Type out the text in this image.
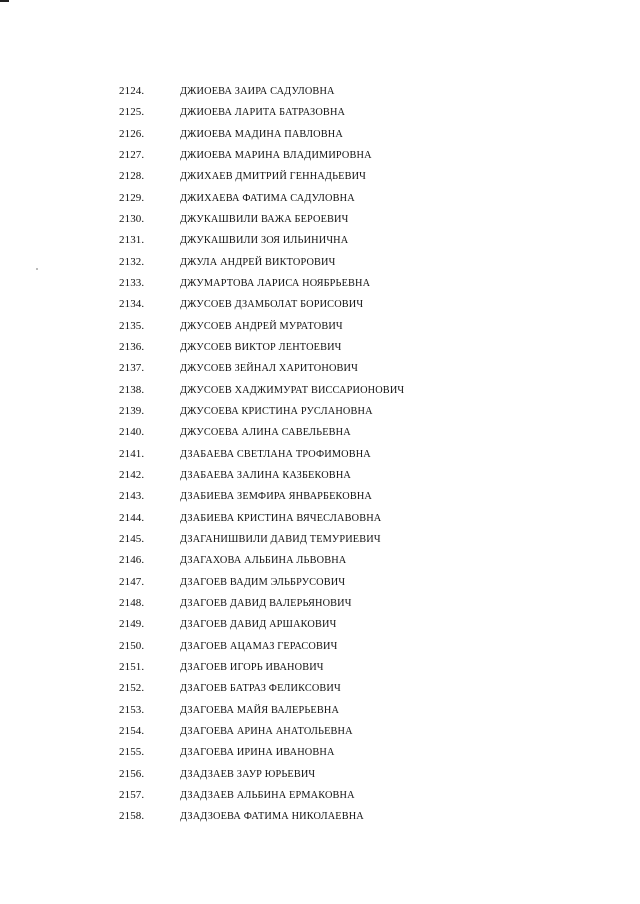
2124.	ДЖИОЕВА ЗАИРА САДУЛОВНА
2125.	ДЖИОЕВА ЛАРИТА БАТРАЗОВНА
2126.	ДЖИОЕВА МАДИНА ПАВЛОВНА
2127.	ДЖИОЕВА МАРИНА ВЛАДИМИРОВНА
2128.	ДЖИХАЕВ ДМИТРИЙ ГЕННАДЬЕВИЧ
2129.	ДЖИХАЕВА ФАТИМА САДУЛОВНА
2130.	ДЖУКАШВИЛИ ВАЖА БЕРОЕВИЧ
2131.	ДЖУКАШВИЛИ ЗОЯ ИЛЬИНИЧНА
2132.	ДЖУЛА АНДРЕЙ ВИКТОРОВИЧ
2133.	ДЖУМАРТОВА ЛАРИСА НОЯБРЬЕВНА
2134.	ДЖУСОЕВ ДЗАМБОЛАТ БОРИСОВИЧ
2135.	ДЖУСОЕВ АНДРЕЙ МУРАТОВИЧ
2136.	ДЖУСОЕВ ВИКТОР ЛЕНТОЕВИЧ
2137.	ДЖУСОЕВ ЗЕЙНАЛ ХАРИТОНОВИЧ
2138.	ДЖУСОЕВ ХАДЖИМУРАТ ВИССАРИОНОВИЧ
2139.	ДЖУСОЕВА КРИСТИНА РУСЛАНОВНА
2140.	ДЖУСОЕВА АЛИНА САВЕЛЬЕВНА
2141.	ДЗАБАЕВА СВЕТЛАНА ТРОФИМОВНА
2142.	ДЗАБАЕВА ЗАЛИНА КАЗБЕКОВНА
2143.	ДЗАБИЕВА ЗЕМФИРА ЯНВАРБЕКОВНА
2144.	ДЗАБИЕВА КРИСТИНА ВЯЧЕСЛАВОВНА
2145.	ДЗАГАНИШВИЛИ ДАВИД ТЕМУРИЕВИЧ
2146.	ДЗАГАХОВА АЛЬБИНА ЛЬВОВНА
2147.	ДЗАГОЕВ ВАДИМ ЭЛЬБРУСОВИЧ
2148.	ДЗАГОЕВ ДАВИД ВАЛЕРЬЯНОВИЧ
2149.	ДЗАГОЕВ ДАВИД АРШАКОВИЧ
2150.	ДЗАГОЕВ АЦАМАЗ ГЕРАСОВИЧ
2151.	ДЗАГОЕВ ИГОРЬ ИВАНОВИЧ
2152.	ДЗАГОЕВ БАТРАЗ ФЕЛИКСОВИЧ
2153.	ДЗАГОЕВА МАЙЯ ВАЛЕРЬЕВНА
2154.	ДЗАГОЕВА АРИНА АНАТОЛЬЕВНА
2155.	ДЗАГОЕВА ИРИНА ИВАНОВНА
2156.	ДЗАДЗАЕВ ЗАУР ЮРЬЕВИЧ
2157.	ДЗАДЗАЕВ АЛЬБИНА ЕРМАКОВНА
2158.	ДЗАДЗОЕВА ФАТИМА НИКОЛАЕВНА
